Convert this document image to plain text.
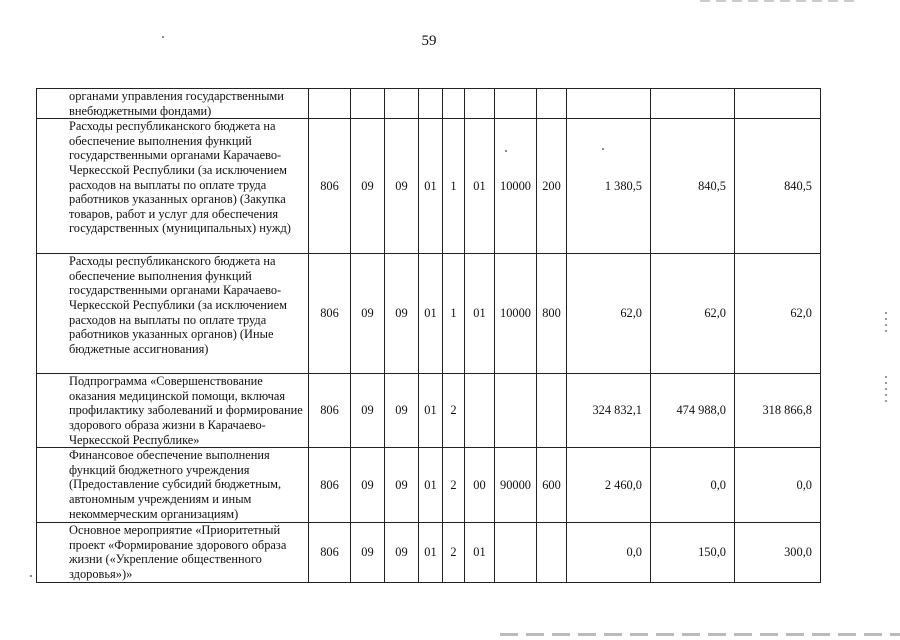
59
органами управления государственными внебюджетными фондами)											
Расходы республиканского бюджета на обеспечение выполнения функций государственными органами Карачаево-Черкесской Республики (за исключением расходов на выплаты по оплате труда работников указанных органов) (Закупка товаров, работ и услуг для обеспечения государственных (муниципальных) нужд)	806	09	09	01	1	01	10000	200	1 380,5	840,5	840,5
Расходы республиканского бюджета на обеспечение выполнения функций государственными органами Карачаево-Черкесской Республики (за исключением расходов на выплаты по оплате труда работников указанных органов) (Иные бюджетные ассигнования)	806	09	09	01	1	01	10000	800	62,0	62,0	62,0
Подпрограмма «Совершенствование оказания медицинской помощи, включая профилактику заболеваний и формирование здорового образа жизни в Карачаево-Черкесской Республике»	806	09	09	01	2				324 832,1	474 988,0	318 866,8
Финансовое обеспечение выполнения функций бюджетного учреждения (Предоставление субсидий бюджетным, автономным учреждениям и иным некоммерческим организациям)	806	09	09	01	2	00	90000	600	2 460,0	0,0	0,0
Основное мероприятие «Приоритетный проект «Формирование здорового образа жизни («Укрепление общественного здоровья»)»	806	09	09	01	2	01			0,0	150,0	300,0
